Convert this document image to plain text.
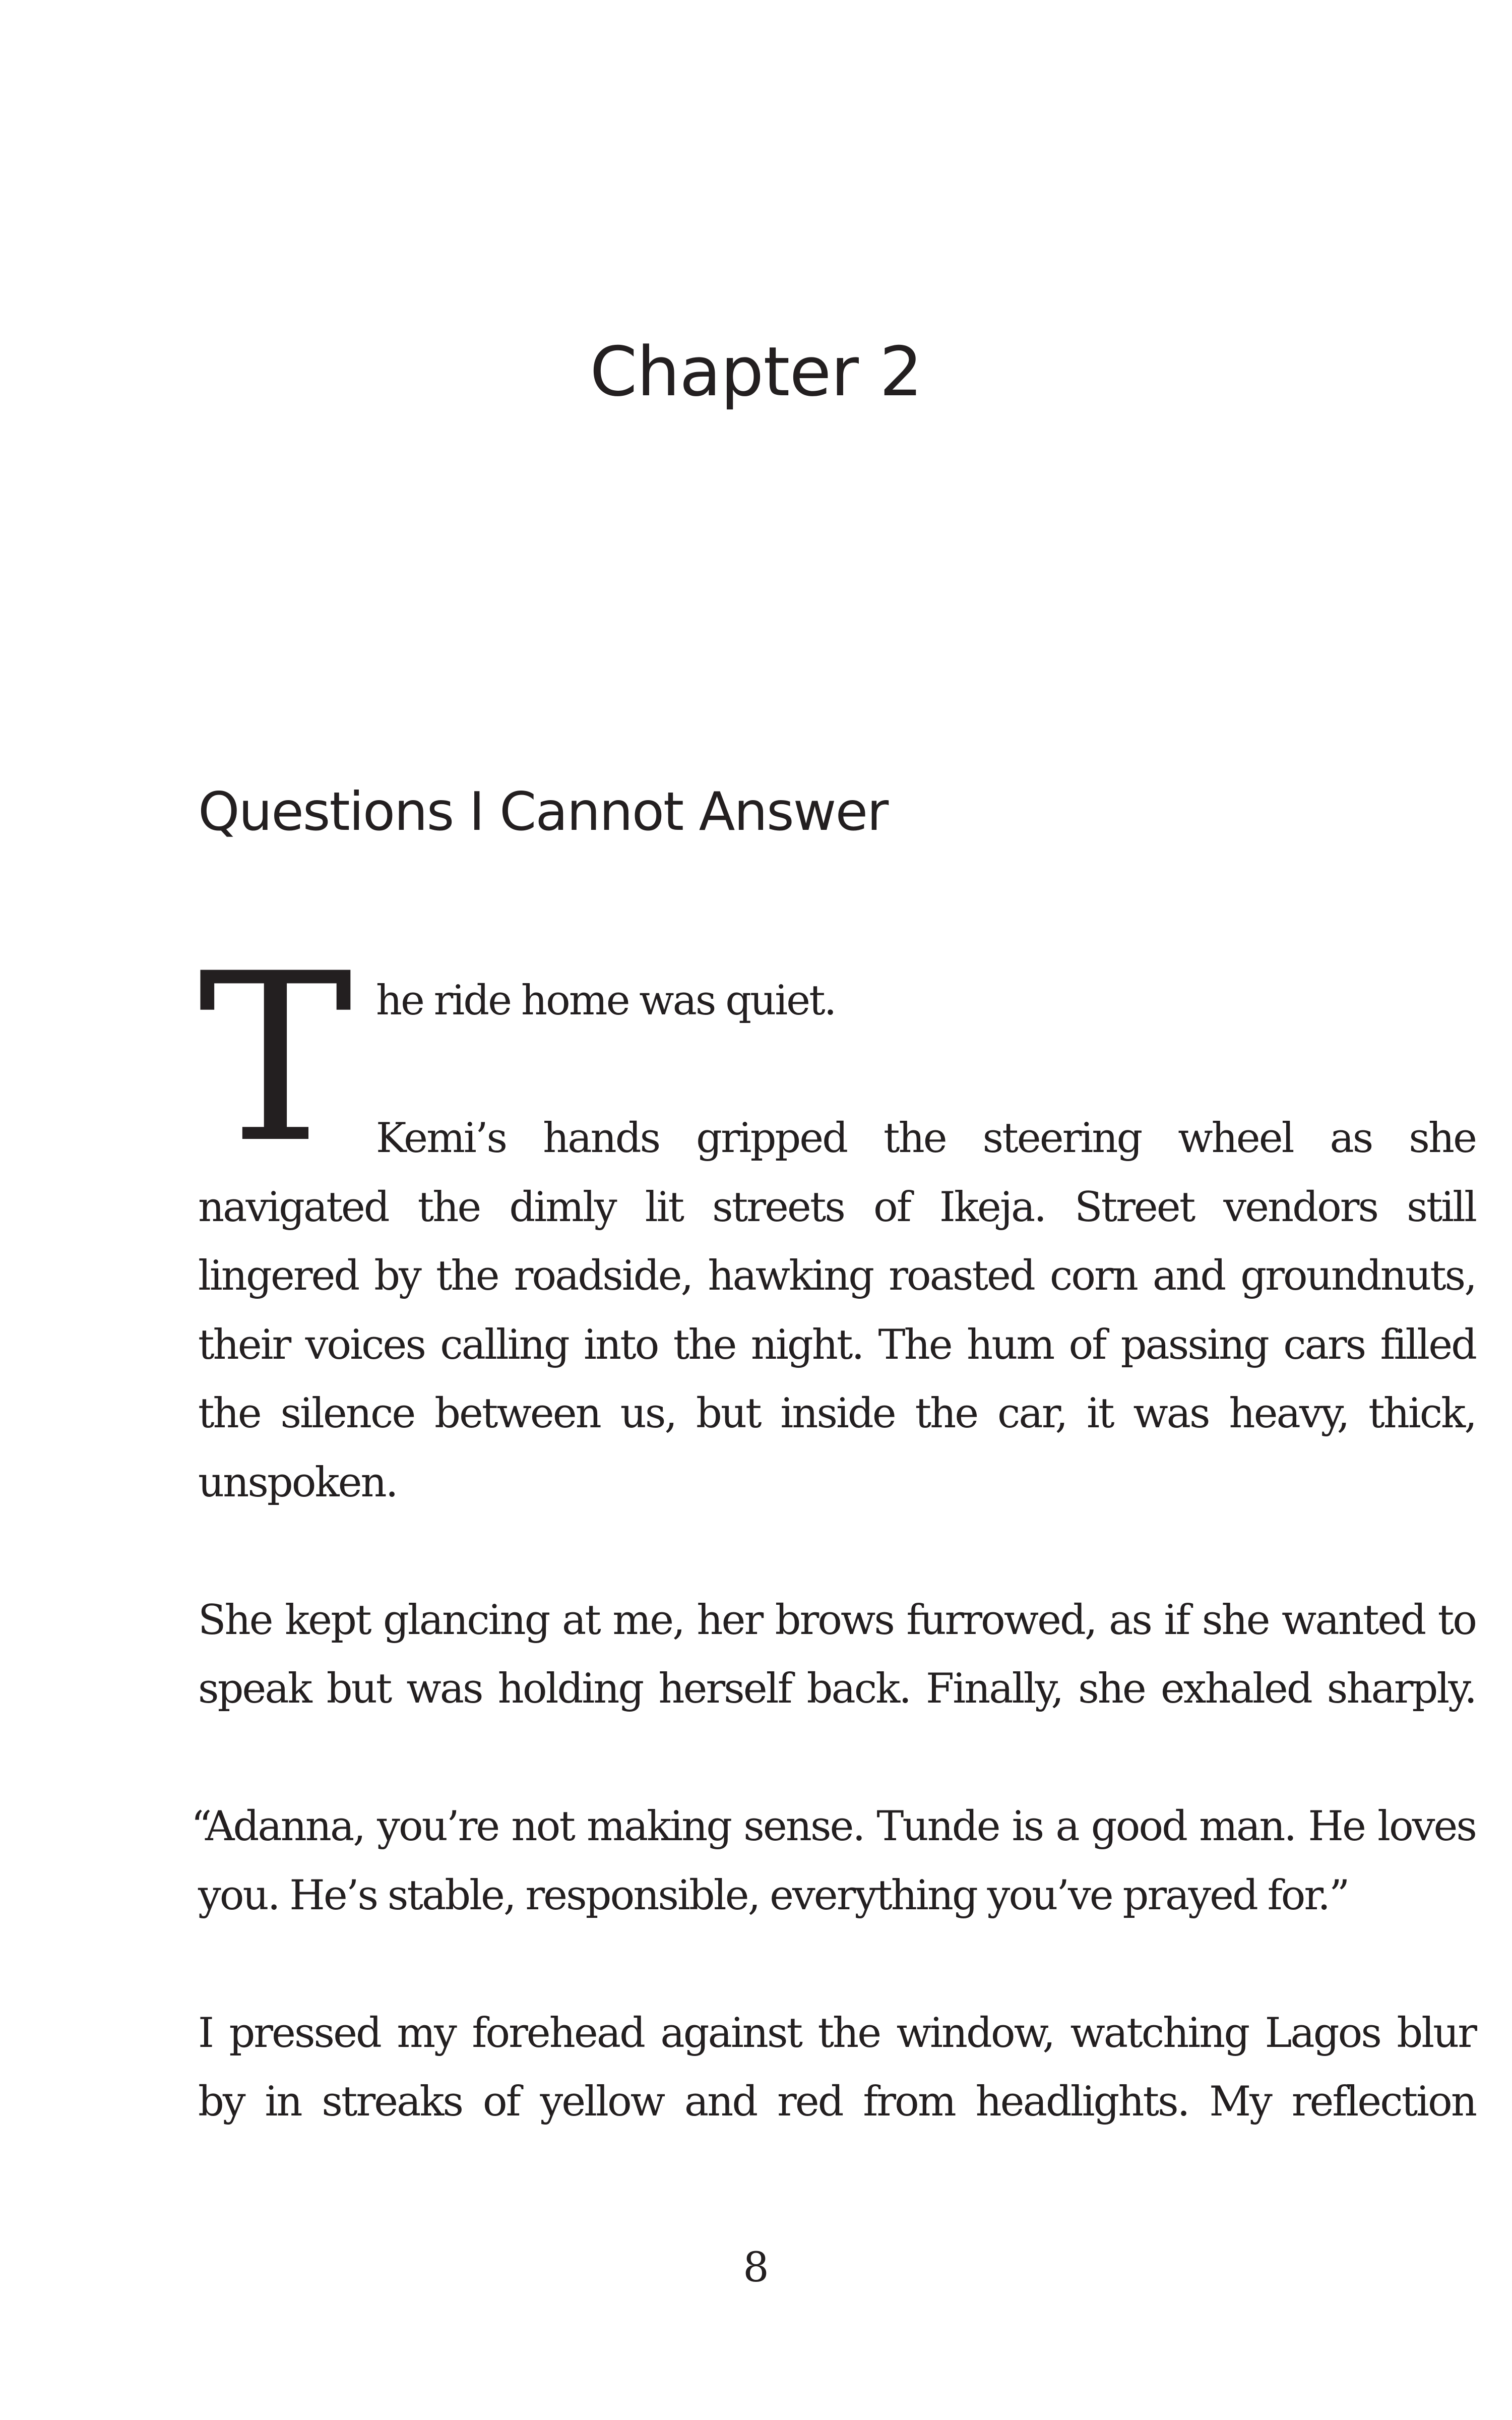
Chapter 2
Questions I Cannot Answer
T he ride home was quiet.

Kemi’s hands gripped the steering wheel as she navigated the dimly lit streets of Ikeja. Street vendors still lingered by the roadside, hawking roasted corn and groundnuts, their voices calling into the night. The hum of passing cars filled the silence between us, but inside the car, it was heavy, thick, unspoken.

She kept glancing at me, her brows furrowed, as if she wanted to speak but was holding herself back. Finally, she exhaled sharply.

“Adanna, you’re not making sense. Tunde is a good man. He loves you. He’s stable, responsible, everything you’ve prayed for.”

I pressed my forehead against the window, watching Lagos blur by in streaks of yellow and red from headlights. My reflection

8
